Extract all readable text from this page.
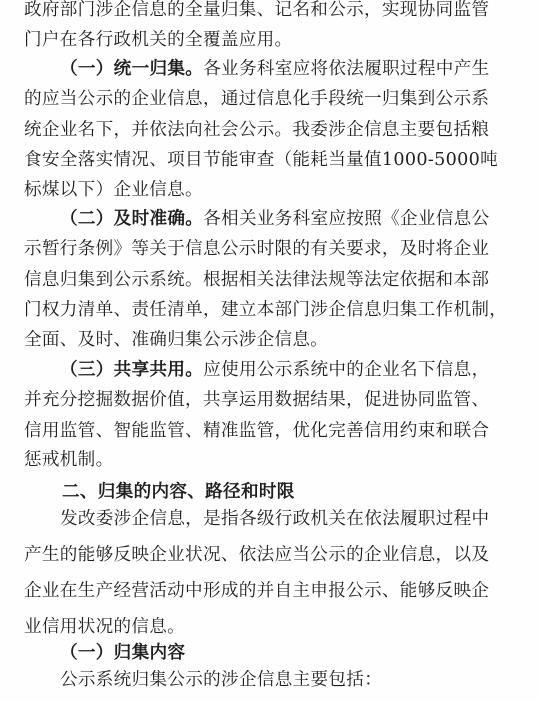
政府部门涉企信息的全量归集、记名和公示，实现协同监管
门户在各行政机关的全覆盖应用。
（一）统一归集。各业务科室应将依法履职过程中产生
的应当公示的企业信息，通过信息化手段统一归集到公示系
统企业名下，并依法向社会公示。我委涉企信息主要包括粮
食安全落实情况、项目节能审查（能耗当量值1000-5000吨
标煤以下）企业信息。
（二）及时准确。各相关业务科室应按照《企业信息公
示暂行条例》等关于信息公示时限的有关要求，及时将企业
信息归集到公示系统。根据相关法律法规等法定依据和本部
门权力清单、责任清单，建立本部门涉企信息归集工作机制，
全面、及时、准确归集公示涉企信息。
（三）共享共用。应使用公示系统中的企业名下信息，
并充分挖掘数据价值，共享运用数据结果，促进协同监管、
信用监管、智能监管、精准监管，优化完善信用约束和联合
惩戒机制。
二、归集的内容、路径和时限
发改委涉企信息，是指各级行政机关在依法履职过程中
产生的能够反映企业状况、依法应当公示的企业信息，以及
企业在生产经营活动中形成的并自主申报公示、能够反映企
业信用状况的信息。
（一）归集内容
公示系统归集公示的涉企信息主要包括：
